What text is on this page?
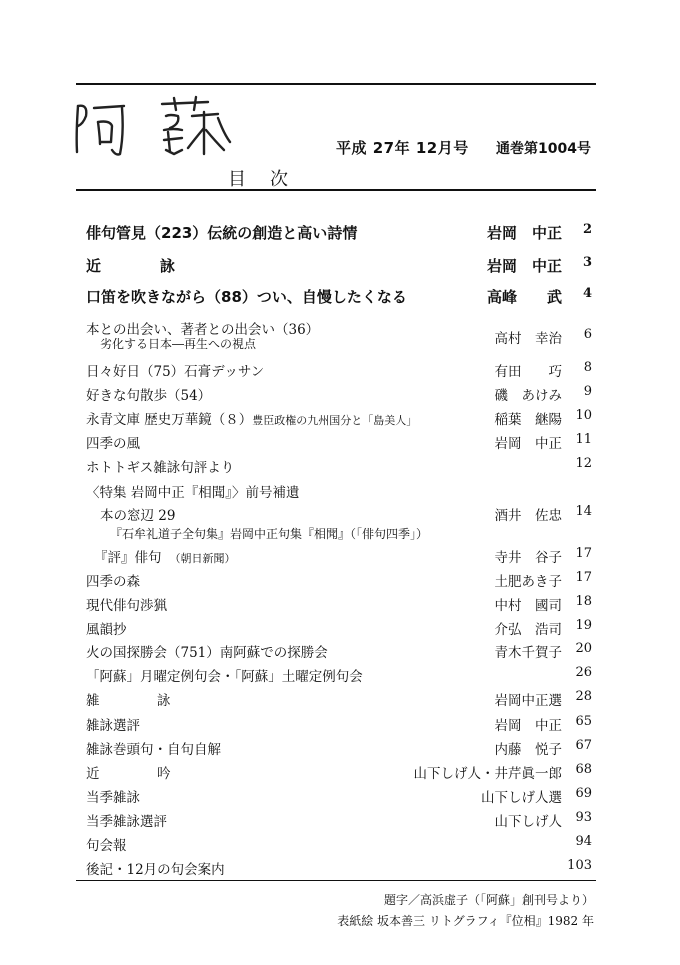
平成 27年 12月号 通巻第1004号
目次
俳句管見（223）伝統の創造と高い詩情	岩岡　中正 2
近　詠	岩岡　中正 3
口笛を吹きながら（88）つい、自慢したくなる	高峰　　武 4
本との出会い、著者との出会い（36）
劣化する日本―再生への視点	高村　幸治 6
日々好日（75）石膏デッサン	有田　　巧 8
好きな句散歩（54）	磯　あけみ 9
永青文庫 歴史万華鏡（８）豊臣政権の九州国分と「島美人」	稲葉　継陽 10
四季の風	岩岡　中正 11
ホトトギス雑詠句評より	12
〈特集 岩岡中正『相聞』〉前号補遺
本の窓辺 29	酒井　佐忠 14
『石牟礼道子全句集』岩岡中正句集『相聞』（「俳句四季」）
『評』俳句　 （朝日新聞）	寺井　谷子 17
四季の森	土肥あき子 17
現代俳句渉猟	中村　國司 18
風韻抄	介弘　浩司 19
火の国探勝会（751）南阿蘇での探勝会	青木千賀子 20
「阿蘇」月曜定例句会・「阿蘇」土曜定例句会	26
雑　詠	岩岡中正選 28
雑詠選評	岩岡　中正 65
雑詠巻頭句・自句自解	内藤　悦子 67
近　吟	山下しげ人・井芹眞一郎 68
当季雑詠	山下しげ人選 69
当季雑詠選評	山下しげ人 93
句会報	94
後記・12月の句会案内	103
題字／高浜虚子（「阿蘇」創刊号より）
表紙絵 坂本善三 リトグラフィ『位相』1982 年
